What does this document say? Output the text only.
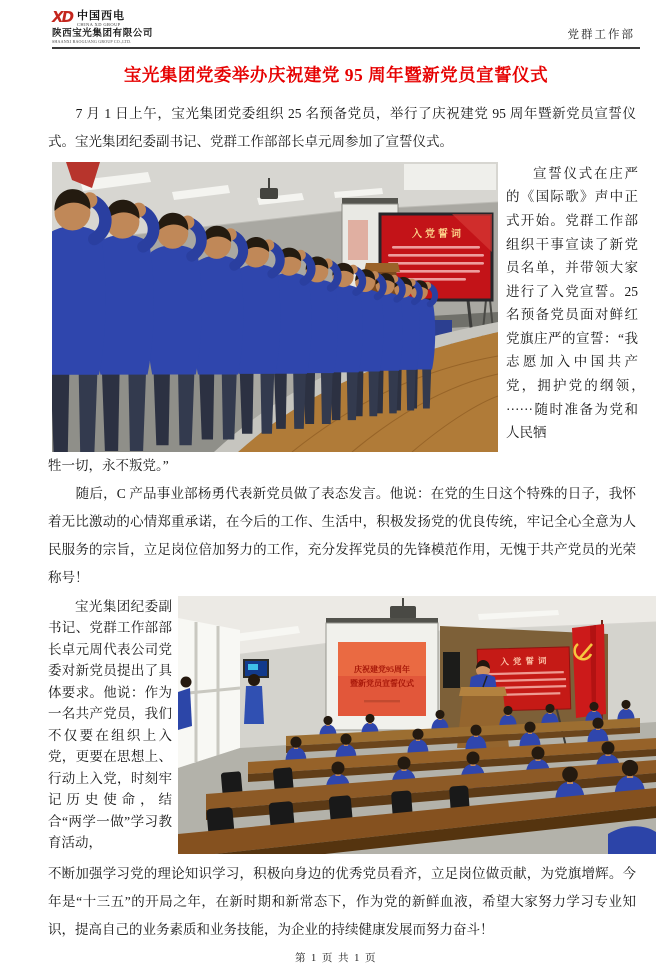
XD 中国西电
CHINA XD GROUP
陕西宝光集团有限公司
SHAANXI BAOGUANG GROUP CO.,LTD.
党群工作部
宝光集团党委举办庆祝建党 95 周年暨新党员宣誓仪式

7 月 1 日上午，宝光集团党委组织 25 名预备党员，举行了庆祝建党 95 周年暨新党员宣誓仪式。宝光集团纪委副书记、党群工作部部长卓元周参加了宣誓仪式。

入党誓词
宣誓仪式在庄严的《国际歌》声中正式开始。党群工作部组织干事宣读了新党员名单，并带领大家进行了入党宣誓。25 名预备党员面对鲜红党旗庄严的宣誓：“我志愿加入中国共产党，拥护党的纲领，······随时准备为党和人民牺

牲一切，永不叛党。”

随后，C 产品事业部杨勇代表新党员做了表态发言。他说：在党的生日这个特殊的日子，我怀着无比激动的心情郑重承诺，在今后的工作、生活中，积极发扬党的优良传统，牢记全心全意为人民服务的宗旨，立足岗位倍加努力的工作，充分发挥党员的先锋模范作用，无愧于共产党员的光荣称号！

宝光集团纪委副书记、党群工作部部长卓元周代表公司党委对新党员提出了具体要求。他说：作为一名共产党员，我们不仅要在组织上入党，更要在思想上、行动上入党，时刻牢记历史使命，结合“两学一做”学习教育活动，
庆祝建党95周年
暨新党员宣誓仪式
入党誓词

不断加强学习党的理论知识学习，积极向身边的优秀党员看齐，立足岗位做贡献，为党旗增辉。今年是“十三五”的开局之年，在新时期和新常态下，作为党的新鲜血液，希望大家努力学习专业知识，提高自己的业务素质和业务技能，为企业的持续健康发展而努力奋斗！

第 1 页 共 1 页
